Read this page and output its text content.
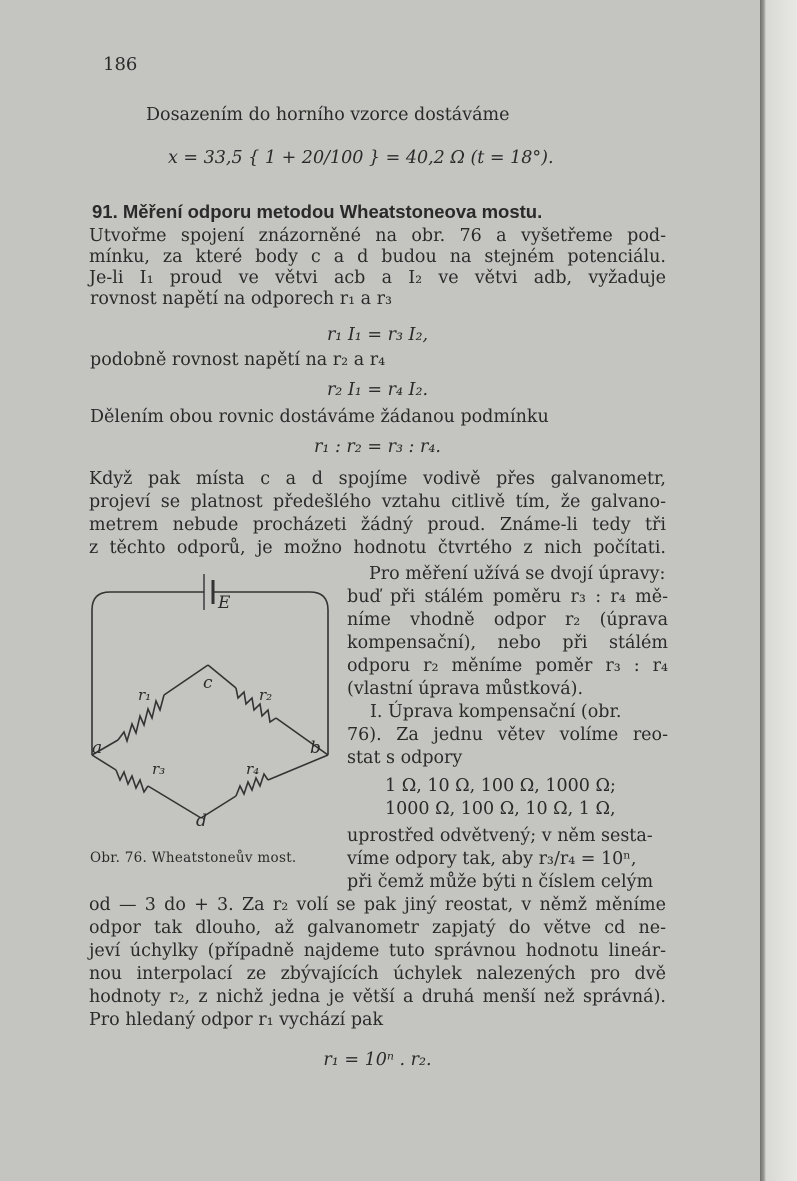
186
Dosazením do horního vzorce dostáváme
x = 33,5 { 1 + 20/100 } = 40,2 Ω (t = 18°).
91. Měření odporu metodou Wheatstoneova mostu.
Utvořme spojení znázorněné na obr. 76 a vyšetřeme pod-
mínku, za které body c a d budou na stejném potenciálu.
Je-li I₁ proud ve větvi acb a I₂ ve větvi adb, vyžaduje
rovnost napětí na odporech r₁ a r₃
r₁ I₁ = r₃ I₂,
podobně rovnost napětí na r₂ a r₄
r₂ I₁ = r₄ I₂.
Dělením obou rovnic dostáváme žádanou podmínku
r₁ : r₂ = r₃ : r₄.
Když pak místa c a d spojíme vodivě přes galvanometr,
projeví se platnost předešlého vztahu citlivě tím, že galvano-
metrem nebude procházeti žádný proud. Známe-li tedy tři
z těchto odporů, je možno hodnotu čtvrtého z nich počítati.
E
c
a	b
d
r₁	r₂
r₃	r₄
Pro měření užívá se dvojí úpravy:
buď při stálém poměru r₃ : r₄ mě-
níme vhodně odpor r₂ (úprava
kompensační), nebo při stálém
odporu r₂ měníme poměr r₃ : r₄
(vlastní úprava můstková).
I. Úprava kompensační (obr.
76). Za jednu větev volíme reo-
stat s odpory
1 Ω, 10 Ω, 100 Ω, 1000 Ω;
1000 Ω, 100 Ω, 10 Ω, 1 Ω,
uprostřed odvětvený; v něm sesta-
víme odpory tak, aby r₃/r₄ = 10ⁿ,
při čemž může býti n číslem celým
Obr. 76. Wheatstoneův most.
od — 3 do + 3. Za r₂ volí se pak jiný reostat, v němž měníme
odpor tak dlouho, až galvanometr zapjatý do větve cd ne-
jeví úchylky (případně najdeme tuto správnou hodnotu lineár-
nou interpolací ze zbývajících úchylek nalezených pro dvě
hodnoty r₂, z nichž jedna je větší a druhá menší než správná).
Pro hledaný odpor r₁ vychází pak
r₁ = 10ⁿ . r₂.
